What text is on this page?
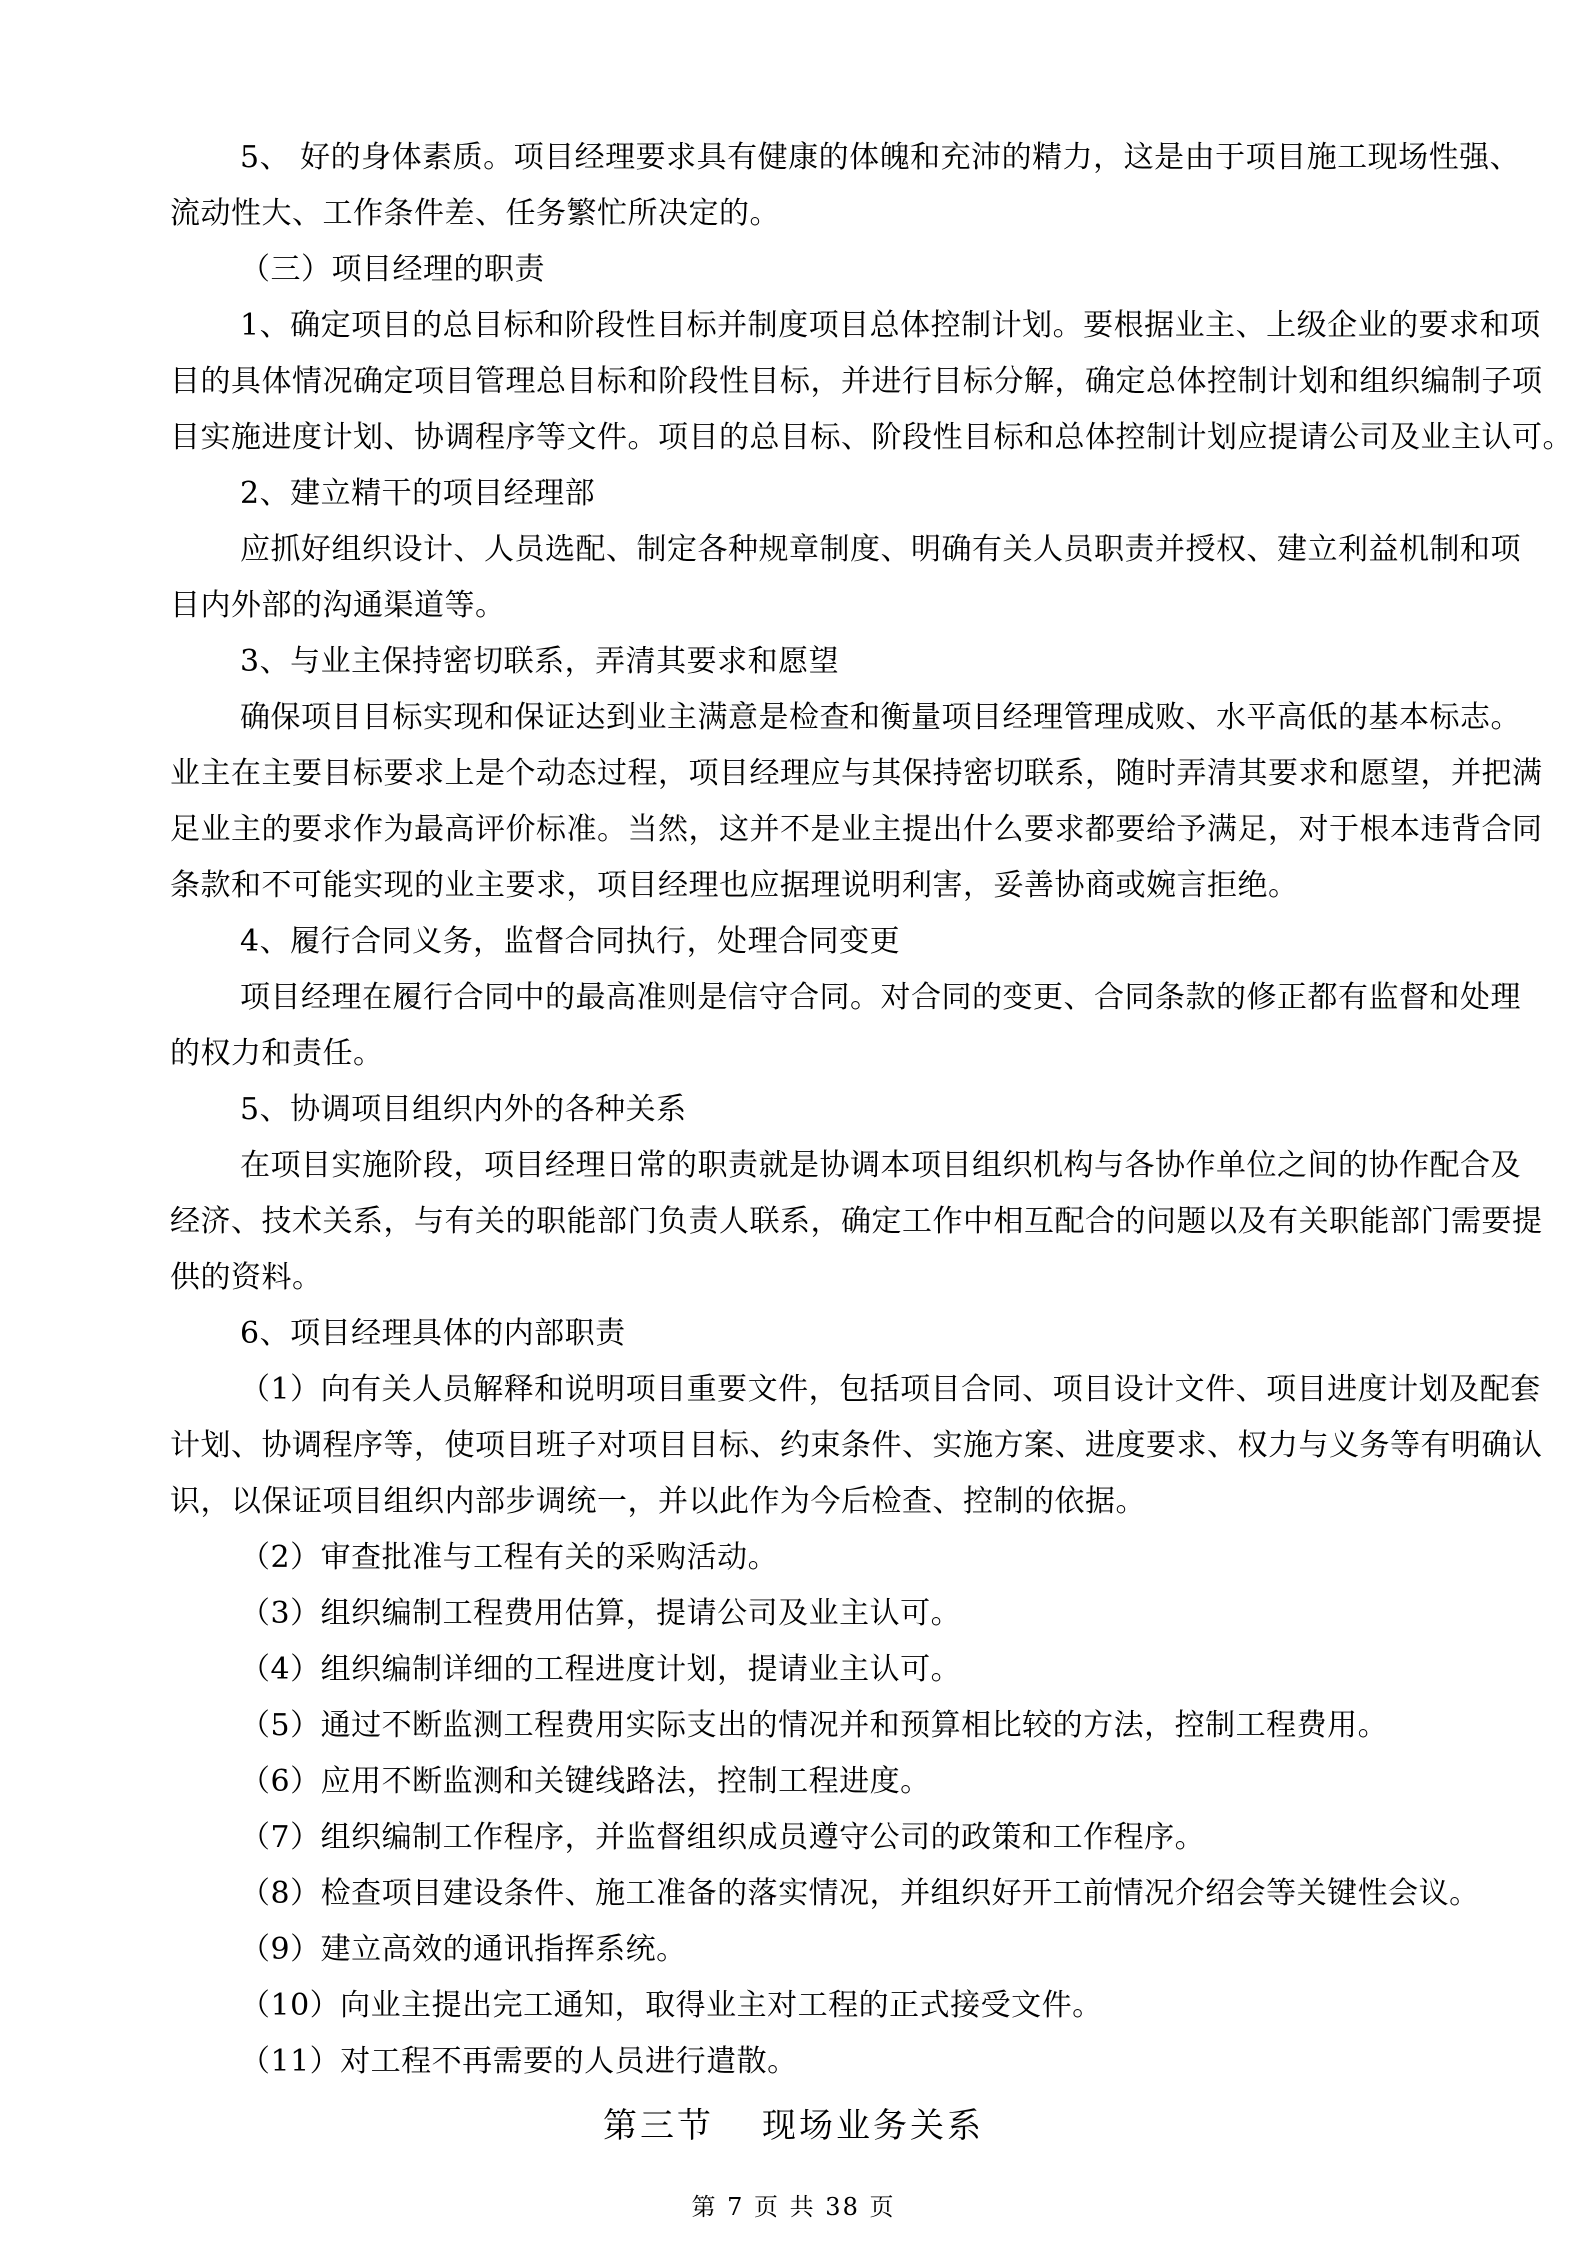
5、 好的身体素质。项目经理要求具有健康的体魄和充沛的精力，这是由于项目施工现场性强、
流动性大、工作条件差、任务繁忙所决定的。
（三）项目经理的职责
1、确定项目的总目标和阶段性目标并制度项目总体控制计划。要根据业主、上级企业的要求和项
目的具体情况确定项目管理总目标和阶段性目标，并进行目标分解，确定总体控制计划和组织编制子项
目实施进度计划、协调程序等文件。项目的总目标、阶段性目标和总体控制计划应提请公司及业主认可。
2、建立精干的项目经理部
应抓好组织设计、人员选配、制定各种规章制度、明确有关人员职责并授权、建立利益机制和项
目内外部的沟通渠道等。
3、与业主保持密切联系，弄清其要求和愿望
确保项目目标实现和保证达到业主满意是检查和衡量项目经理管理成败、水平高低的基本标志。
业主在主要目标要求上是个动态过程，项目经理应与其保持密切联系，随时弄清其要求和愿望，并把满
足业主的要求作为最高评价标准。当然，这并不是业主提出什么要求都要给予满足，对于根本违背合同
条款和不可能实现的业主要求，项目经理也应据理说明利害，妥善协商或婉言拒绝。
4、履行合同义务，监督合同执行，处理合同变更
项目经理在履行合同中的最高准则是信守合同。对合同的变更、合同条款的修正都有监督和处理
的权力和责任。
5、协调项目组织内外的各种关系
在项目实施阶段，项目经理日常的职责就是协调本项目组织机构与各协作单位之间的协作配合及
经济、技术关系，与有关的职能部门负责人联系，确定工作中相互配合的问题以及有关职能部门需要提
供的资料。
6、项目经理具体的内部职责
（1）向有关人员解释和说明项目重要文件，包括项目合同、项目设计文件、项目进度计划及配套
计划、协调程序等，使项目班子对项目目标、约束条件、实施方案、进度要求、权力与义务等有明确认
识，以保证项目组织内部步调统一，并以此作为今后检查、控制的依据。
（2）审查批准与工程有关的采购活动。
（3）组织编制工程费用估算，提请公司及业主认可。
（4）组织编制详细的工程进度计划，提请业主认可。
（5）通过不断监测工程费用实际支出的情况并和预算相比较的方法，控制工程费用。
（6）应用不断监测和关键线路法，控制工程进度。
（7）组织编制工作程序，并监督组织成员遵守公司的政策和工作程序。
（8）检查项目建设条件、施工准备的落实情况，并组织好开工前情况介绍会等关键性会议。
（9）建立高效的通讯指挥系统。
（10）向业主提出完工通知，取得业主对工程的正式接受文件。
（11）对工程不再需要的人员进行遣散。
第三节 现场业务关系
第 7 页 共 38 页
